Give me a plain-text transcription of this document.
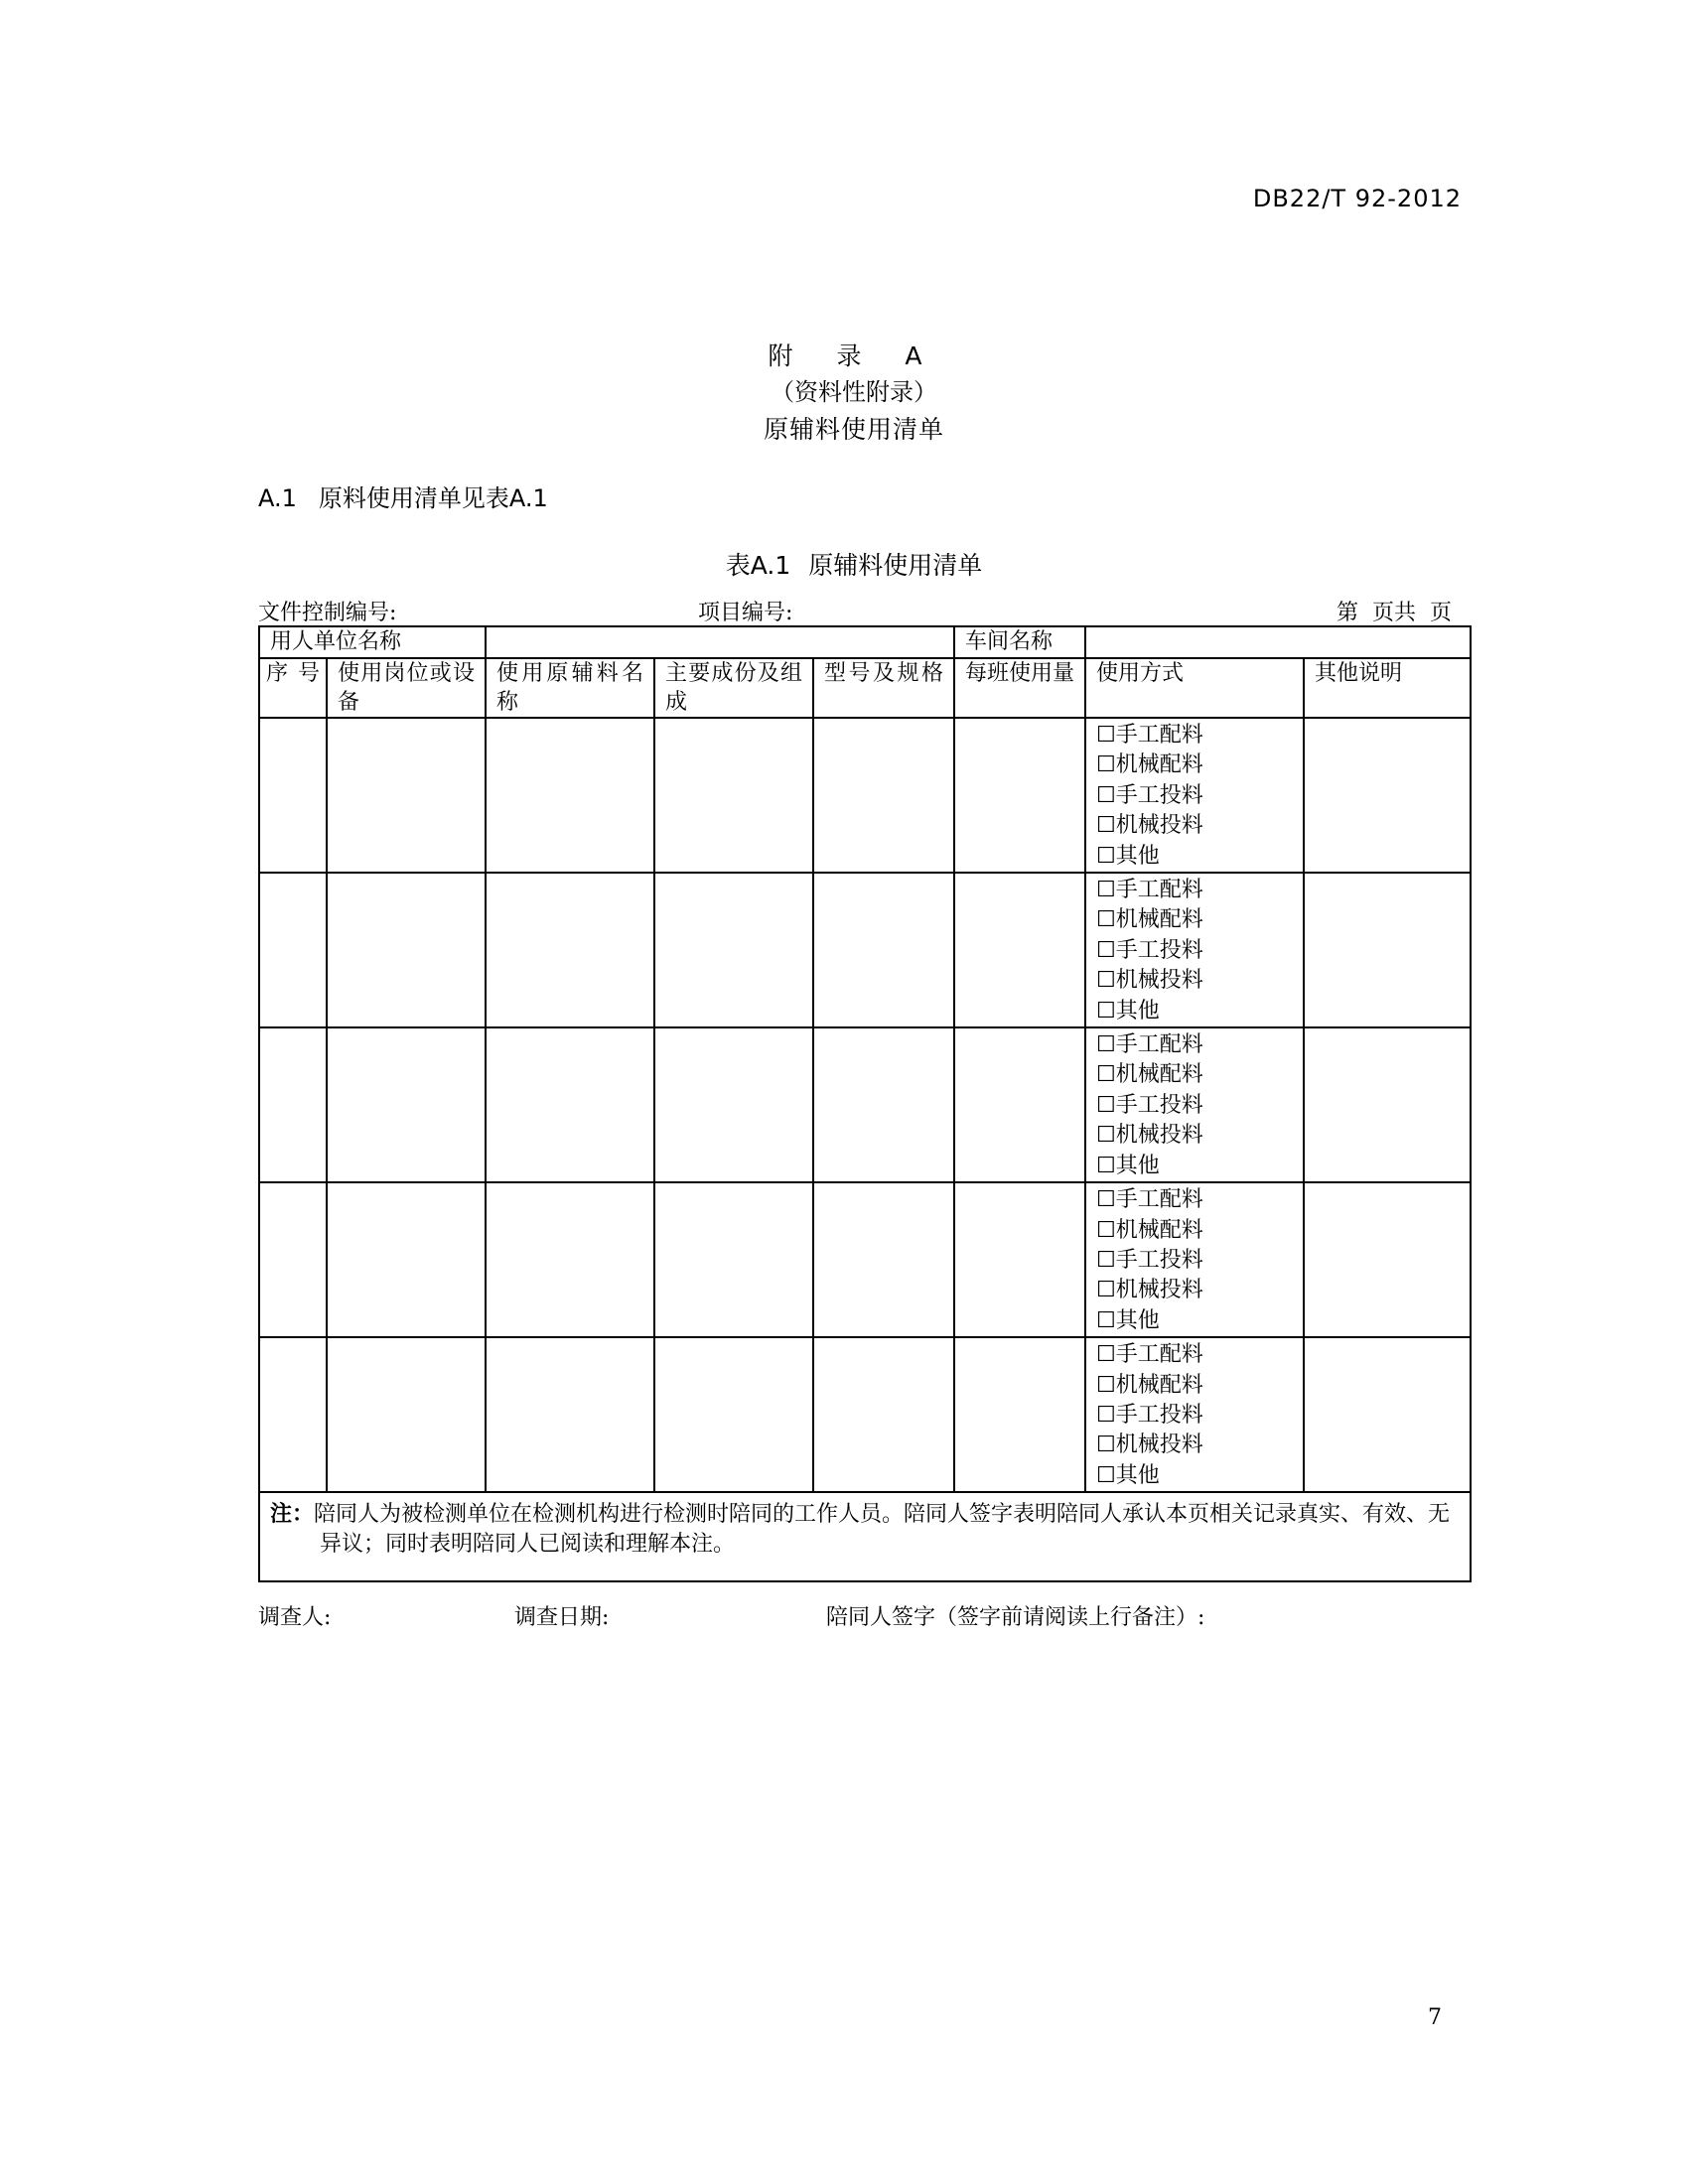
DB22/T 92-2012
附 录 A
（资料性附录）
原辅料使用清单
A.1 原料使用清单见表A.1
表A.1 原辅料使用清单
文件控制编号:	项目编号:	第  页共  页
用人单位名称					车间名称		
序号	使用岗位或设备	使用原辅料名称	主要成份及组成	型号及规格	每班使用量	使用方式	其他说明

						☐手工配料
☐机械配料
☐手工投料
☐机械投料
☐其他	

						☐手工配料
☐机械配料
☐手工投料
☐机械投料
☐其他	

						☐手工配料
☐机械配料
☐手工投料
☐机械投料
☐其他	

						☐手工配料
☐机械配料
☐手工投料
☐机械投料
☐其他	

						☐手工配料
☐机械配料
☐手工投料
☐机械投料
☐其他	

注：陪同人为被检测单位在检测机构进行检测时陪同的工作人员。陪同人签字表明陪同人承认本页相关记录真实、有效、无异议；同时表明陪同人已阅读和理解本注。							
调查人:	调查日期:	陪同人签字（签字前请阅读上行备注）:
7
